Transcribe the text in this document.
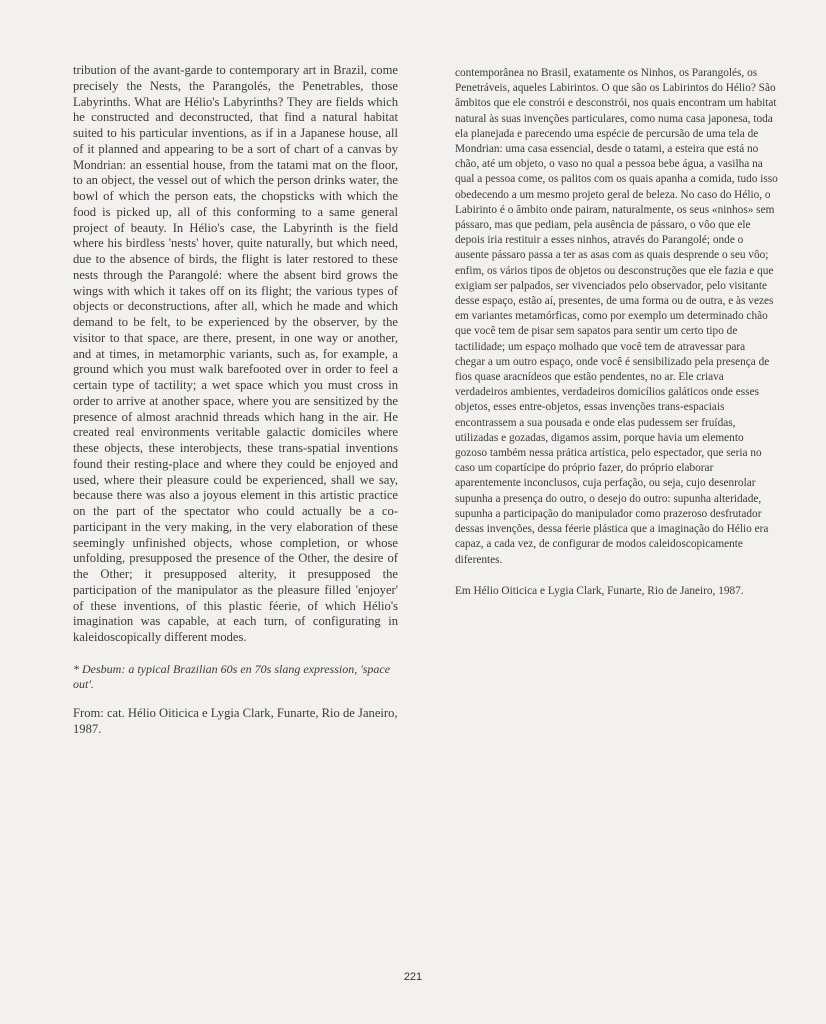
tribution of the avant-garde to contemporary art in Brazil, come precisely the Nests, the Parangolés, the Penetrables, those Labyrinths. What are Hélio's Labyrinths? They are fields which he constructed and deconstructed, that find a natural habitat suited to his particular inventions, as if in a Japanese house, all of it planned and appearing to be a sort of chart of a canvas by Mondrian: an essential house, from the tatami mat on the floor, to an object, the vessel out of which the person drinks water, the bowl of which the person eats, the chopsticks with which the food is picked up, all of this conforming to a same general project of beauty. In Hélio's case, the Labyrinth is the field where his birdless 'nests' hover, quite naturally, but which need, due to the absence of birds, the flight is later restored to these nests through the Parangolé: where the absent bird grows the wings with which it takes off on its flight; the various types of objects or deconstructions, after all, which he made and which demand to be felt, to be experienced by the observer, by the visitor to that space, are there, present, in one way or another, and at times, in metamorphic variants, such as, for example, a ground which you must walk barefooted over in order to feel a certain type of tactility; a wet space which you must cross in order to arrive at another space, where you are sensitized by the presence of almost arachnid threads which hang in the air. He created real environments veritable galactic domiciles where these objects, these interobjects, these trans-spatial inventions found their resting-place and where they could be enjoyed and used, where their pleasure could be experienced, shall we say, because there was also a joyous element in this artistic practice on the part of the spectator who could actually be a co-participant in the very making, in the very elaboration of these seemingly unfinished objects, whose completion, or whose unfolding, presupposed the presence of the Other, the desire of the Other; it presupposed alterity, it presupposed the participation of the manipulator as the pleasure filled 'enjoyer' of these inventions, of this plastic féerie, of which Hélio's imagination was capable, at each turn, of configurating in kaleidoscopically different modes.

* Desbum: a typical Brazilian 60s en 70s slang expression, 'space out'.

From: cat. Hélio Oiticica e Lygia Clark, Funarte, Rio de Janeiro, 1987.

contemporânea no Brasil, exatamente os Ninhos, os Parangolés, os Penetráveis, aqueles Labirintos. O que são os Labirintos do Hélio? São âmbitos que ele constrói e desconstrói, nos quais encontram um habitat natural às suas invenções particulares, como numa casa japonesa, toda ela planejada e parecendo uma espécie de percursão de uma tela de Mondrian: uma casa essencial, desde o tatami, a esteira que está no chão, até um objeto, o vaso no qual a pessoa bebe água, a vasilha na qual a pessoa come, os palitos com os quais apanha a comida, tudo isso obedecendo a um mesmo projeto geral de beleza. No caso do Hélio, o Labirinto é o âmbito onde pairam, naturalmente, os seus «ninhos» sem pássaro, mas que pediam, pela ausência de pássaro, o vôo que ele depois iria restituir a esses ninhos, através do Parangolé; onde o ausente pássaro passa a ter as asas com as quais desprende o seu vôo; enfim, os vários tipos de objetos ou desconstruções que ele fazia e que exigiam ser palpados, ser vivenciados pelo observador, pelo visitante desse espaço, estão aí, presentes, de uma forma ou de outra, e às vezes em variantes metamórficas, como por exemplo um determinado chão que você tem de pisar sem sapatos para sentir um certo tipo de tactilidade; um espaço molhado que você tem de atravessar para chegar a um outro espaço, onde você é sensibilizado pela presença de fios quase aracnídeos que estão pendentes, no ar. Ele criava verdadeiros ambientes, verdadeiros domicílios galáticos onde esses objetos, esses entre-objetos, essas invenções trans-espaciais encontrassem a sua pousada e onde elas pudessem ser fruídas, utilizadas e gozadas, digamos assim, porque havia um elemento gozoso também nessa prática artística, pelo espectador, que seria no caso um copartícipe do próprio fazer, do próprio elaborar aparentemente inconclusos, cuja perfação, ou seja, cujo desenrolar supunha a presença do outro, o desejo do outro: supunha alteridade, supunha a participação do manipulador como prazeroso desfrutador dessas invenções, dessa féerie plástica que a imaginação do Hélio era capaz, a cada vez, de configurar de modos caleidoscopicamente diferentes.

Em Hélio Oiticica e Lygia Clark, Funarte, Rio de Janeiro, 1987.

221
